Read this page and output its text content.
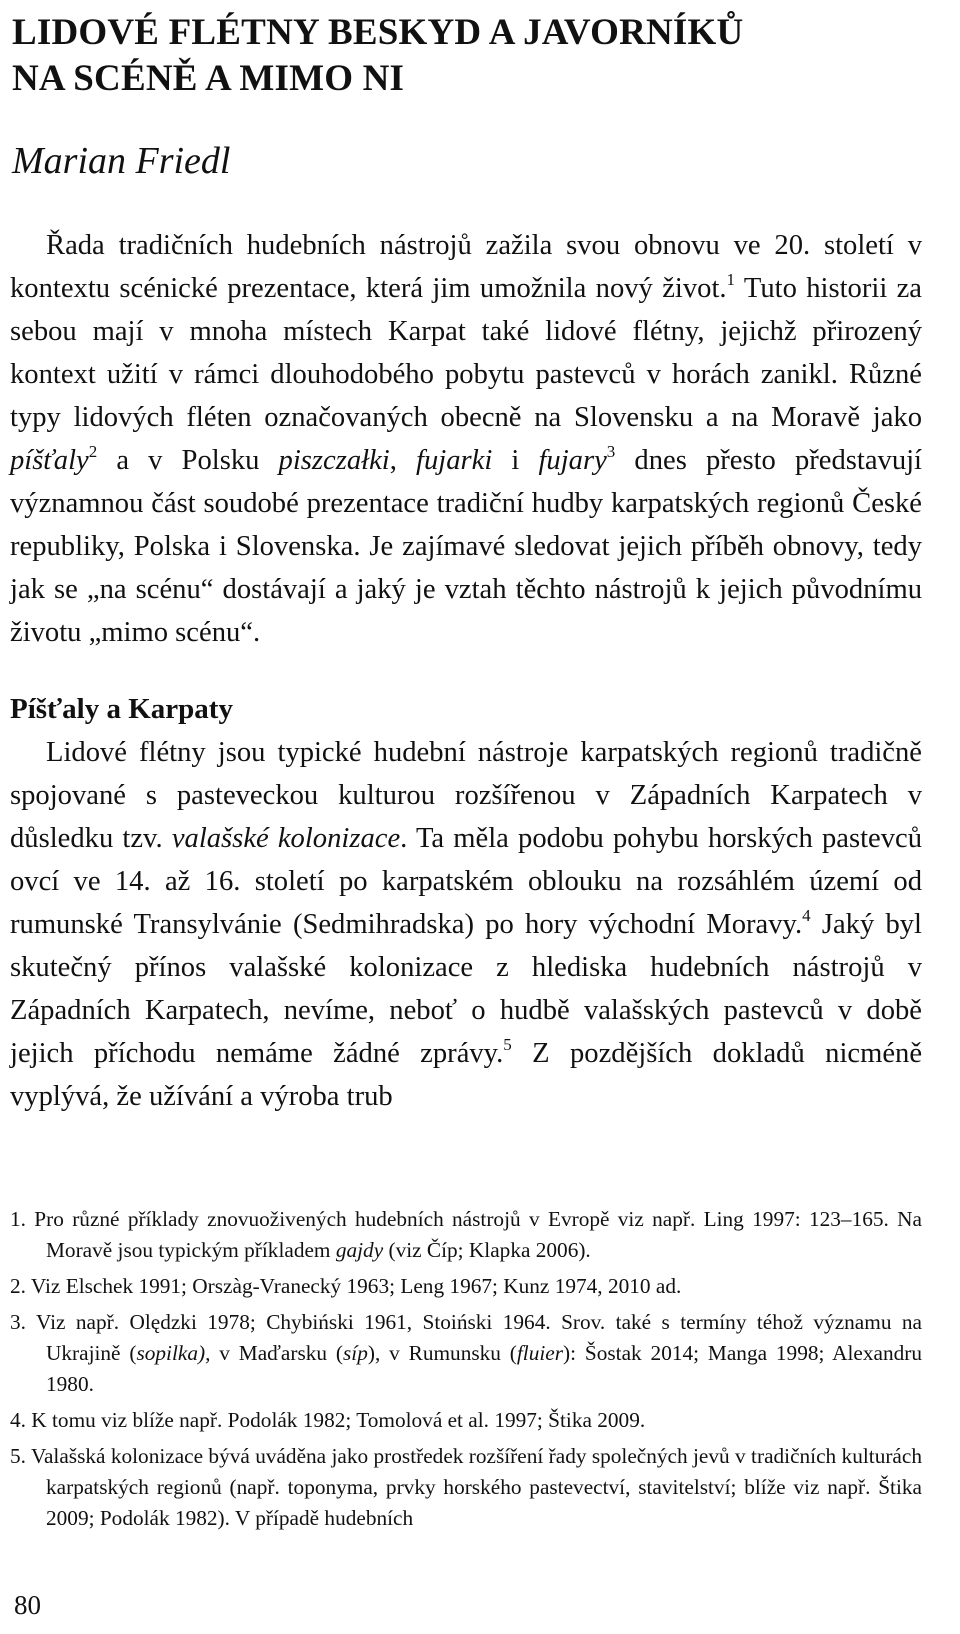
LIDOVÉ FLÉTNY BESKYD A JAVORNÍKŮ
NA SCÉNĚ A MIMO NI
Marian Friedl

Řada tradičních hudebních nástrojů zažila svou obnovu ve 20. století v kontextu scénické prezentace, která jim umožnila nový život.$^1$ Tuto historii za sebou mají v mnoha místech Karpat také lidové flétny, jejichž přirozený kontext užití v rámci dlouhodobého pobytu pastevců v horách zanikl. Různé typy lidových fléten označovaných obecně na Slovensku a na Moravě jako píšťaly$^2$ a v Polsku piszczałki, fujarki i fujary$^3$ dnes přesto představují významnou část soudobé prezentace tradiční hudby karpatských regionů České republiky, Polska i Slovenska. Je zajímavé sledovat jejich příběh obnovy, tedy jak se „na scénu“ dostávají a jaký je vztah těchto nástrojů k jejich původnímu životu „mimo scénu“.

Píšťaly a Karpaty

Lidové flétny jsou typické hudební nástroje karpatských regionů tradičně spojované s pasteveckou kulturou rozšířenou v Západních Karpatech v důsledku tzv. valašské kolonizace. Ta měla podobu pohybu horských pastevců ovcí ve 14. až 16. století po karpatském oblouku na rozsáhlém území od rumunské Transylvánie (Sedmihradska) po hory východní Moravy.$^4$ Jaký byl skutečný přínos valašské kolonizace z hlediska hudebních nástrojů v Západních Karpatech, nevíme, neboť o hudbě valašských pastevců v době jejich příchodu nemáme žádné zprávy.$^5$ Z pozdějších dokladů nicméně vyplývá, že užívání a výroba trub

1. Pro různé příklady znovuoživených hudebních nástrojů v Evropě viz např. Ling 1997: 123–165. Na Moravě jsou typickým příkladem gajdy (viz Číp; Klapka 2006).

2. Viz Elschek 1991; Orszàg-Vranecký 1963; Leng 1967; Kunz 1974, 2010 ad.

3. Viz např. Olędzki 1978; Chybiński 1961, Stoiński 1964. Srov. také s termíny téhož významu na Ukrajině (sopilka), v Maďarsku (síp), v Rumunsku (fluier): Šostak 2014; Manga 1998; Alexandru 1980.

4. K tomu viz blíže např. Podolák 1982; Tomolová et al. 1997; Štika 2009.

5. Valašská kolonizace bývá uváděna jako prostředek rozšíření řady společných jevů v tradičních kulturách karpatských regionů (např. toponyma, prvky horského pastevectví, stavitelství; blíže viz např. Štika 2009; Podolák 1982). V případě hudebních

80
